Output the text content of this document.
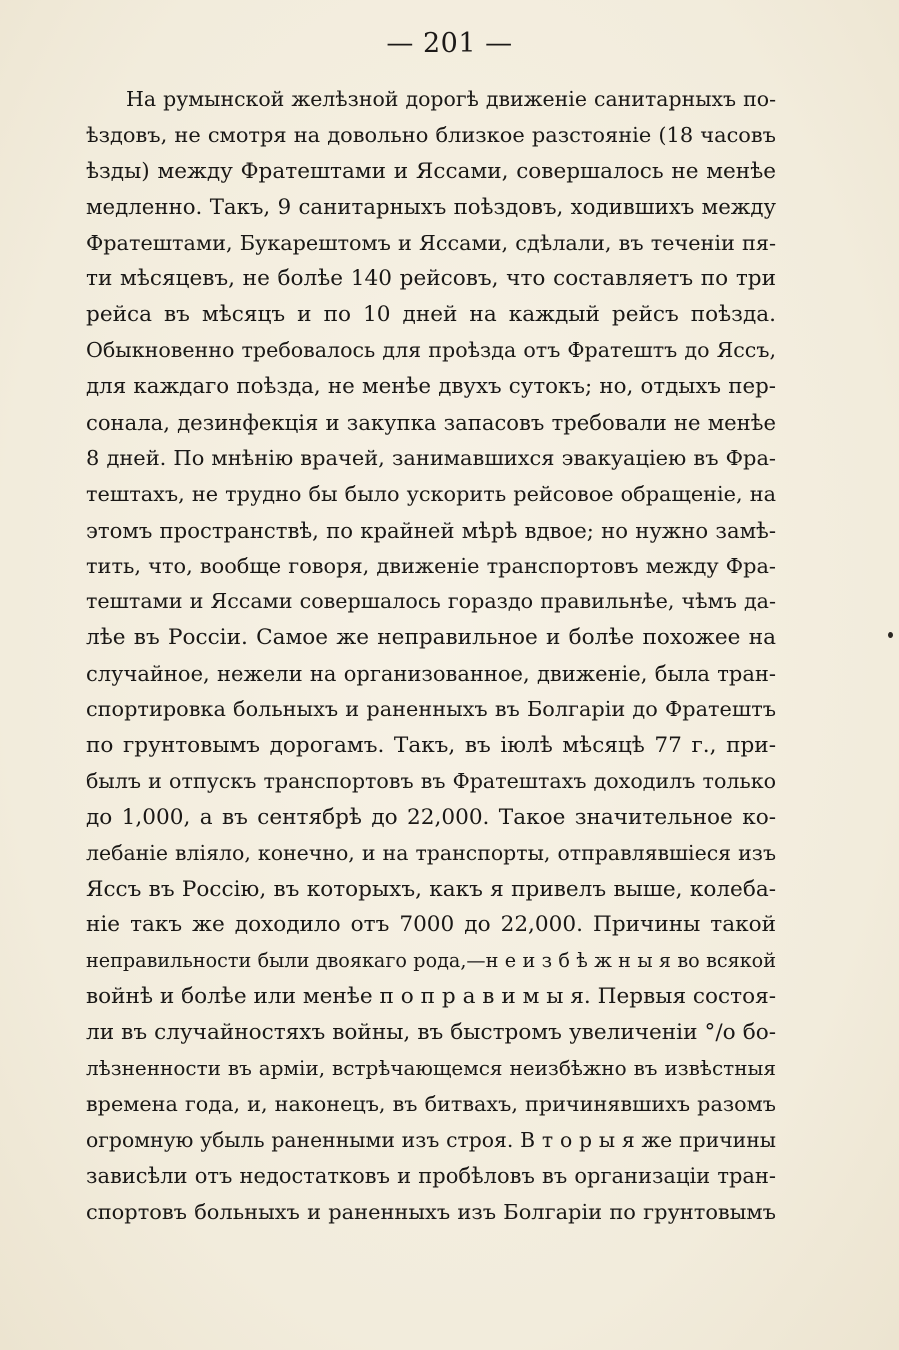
— 201 —
На румынской желѣзной дорогѣ движенiе санитарныхъ по-
ѣздовъ, не смотря на довольно близкое разстоянiе (18 часовъ
ѣзды) между Фратештами и Яссами, совершалось не менѣе
медленно. Такъ, 9 санитарныхъ поѣздовъ, ходившихъ между
Фратештами, Букарештомъ и Яссами, сдѣлали, въ теченiи пя-
ти мѣсяцевъ, не болѣе 140 рейсовъ, что составляетъ по три
рейса въ мѣсяцъ и по 10 дней на каждый рейсъ поѣзда.
Обыкновенно требовалось для проѣзда отъ Фратештъ до Яссъ,
для каждаго поѣзда, не менѣе двухъ сутокъ; но, отдыхъ пер-
сонала, дезинфекцiя и закупка запасовъ требовали не менѣе
8 дней. По мнѣнiю врачей, занимавшихся эвакуацiею въ Фра-
тештахъ, не трудно бы было ускорить рейсовое обращенiе, на
этомъ пространствѣ, по крайней мѣрѣ вдвое; но нужно замѣ-
тить, что, вообще говоря, движенiе транспортовъ между Фра-
тештами и Яссами совершалось гораздо правильнѣе, чѣмъ да-
лѣе въ Россiи. Самое же неправильное и болѣе похожее на
случайное, нежели на организованное, движенiе, была тран-
спортировка больныхъ и раненныхъ въ Болгарiи до Фратештъ
по грунтовымъ дорогамъ. Такъ, въ iюлѣ мѣсяцѣ 77 г., при-
былъ и отпускъ транспортовъ въ Фратештахъ доходилъ только
до 1,000, а въ сентябрѣ до 22,000. Такое значительное ко-
лебанiе влiяло, конечно, и на транспорты, отправлявшiеся изъ
Яссъ въ Россiю, въ которыхъ, какъ я привелъ выше, колеба-
нiе такъ же доходило отъ 7000 до 22,000. Причины такой
неправильности были двоякаго рода,—н е и з б ѣ ж н ы я во всякой
войнѣ и болѣе или менѣе п о п р а в и м ы я. Первыя состоя-
ли въ случайностяхъ войны, въ быстромъ увеличенiи °/о бо-
лѣзненности въ армiи, встрѣчающемся неизбѣжно въ извѣстныя
времена года, и, наконецъ, въ битвахъ, причинявшихъ разомъ
огромную убыль раненными изъ строя. В т о р ы я же причины
зависѣли отъ недостатковъ и пробѣловъ въ организацiи тран-
спортовъ больныхъ и раненныхъ изъ Болгарiи по грунтовымъ
